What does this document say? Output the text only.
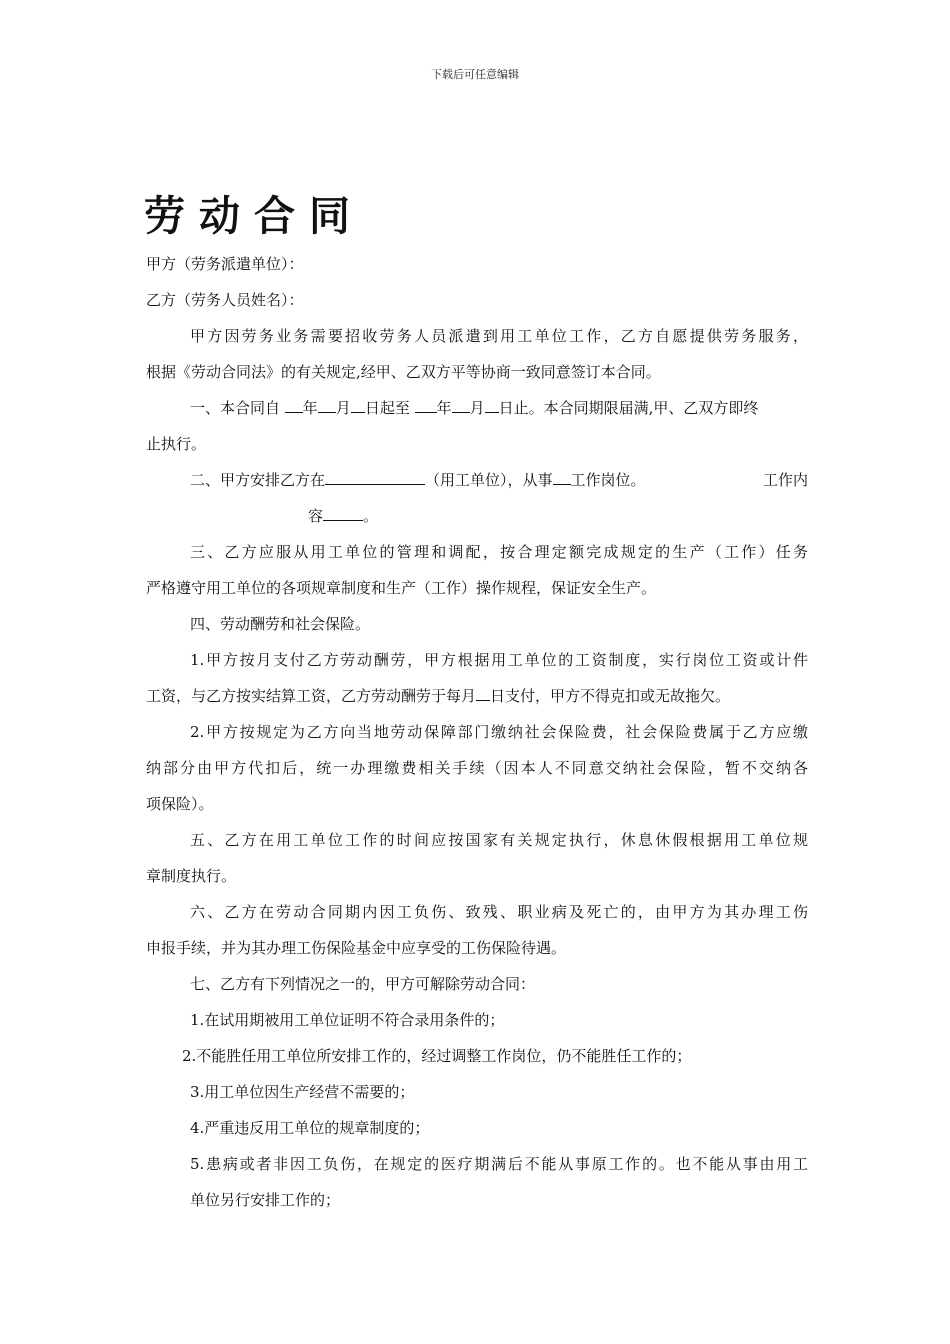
下载后可任意编辑
劳动合同
甲方（劳务派遣单位）：
乙方（劳务人员姓名）：
甲方因劳务业务需要招收劳务人员派遣到用工单位工作，乙方自愿提供劳务服务，
根据《劳动合同法》的有关规定,经甲、乙双方平等协商一致同意签订本合同。
一、本合同自 年 月 日起至 年 月 日止。本合同期限届满,甲、乙双方即终
止执行。
二、甲方安排乙方在	（用工单位），从事 工作岗位。	工作内
容	。
三、乙方应服从用工单位的管理和调配，按合理定额完成规定的生产（工作）任务
严格遵守用工单位的各项规章制度和生产（工作）操作规程，保证安全生产。
四、劳动酬劳和社会保险。
1.甲方按月支付乙方劳动酬劳，甲方根据用工单位的工资制度，实行岗位工资或计件
工资，与乙方按实结算工资，乙方劳动酬劳于每月 日支付，甲方不得克扣或无故拖欠。
2.甲方按规定为乙方向当地劳动保障部门缴纳社会保险费，社会保险费属于乙方应缴
纳部分由甲方代扣后，统一办理缴费相关手续（因本人不同意交纳社会保险，暂不交纳各
项保险）。
五、乙方在用工单位工作的时间应按国家有关规定执行，休息休假根据用工单位规
章制度执行。
六、乙方在劳动合同期内因工负伤、致残、职业病及死亡的，由甲方为其办理工伤
申报手续，并为其办理工伤保险基金中应享受的工伤保险待遇。
七、乙方有下列情况之一的，甲方可解除劳动合同：
1.在试用期被用工单位证明不符合录用条件的；
2.不能胜任用工单位所安排工作的，经过调整工作岗位，仍不能胜任工作的；
3.用工单位因生产经营不需要的；
4.严重违反用工单位的规章制度的；
5.患病或者非因工负伤，在规定的医疗期满后不能从事原工作的。也不能从事由用工
单位另行安排工作的；
